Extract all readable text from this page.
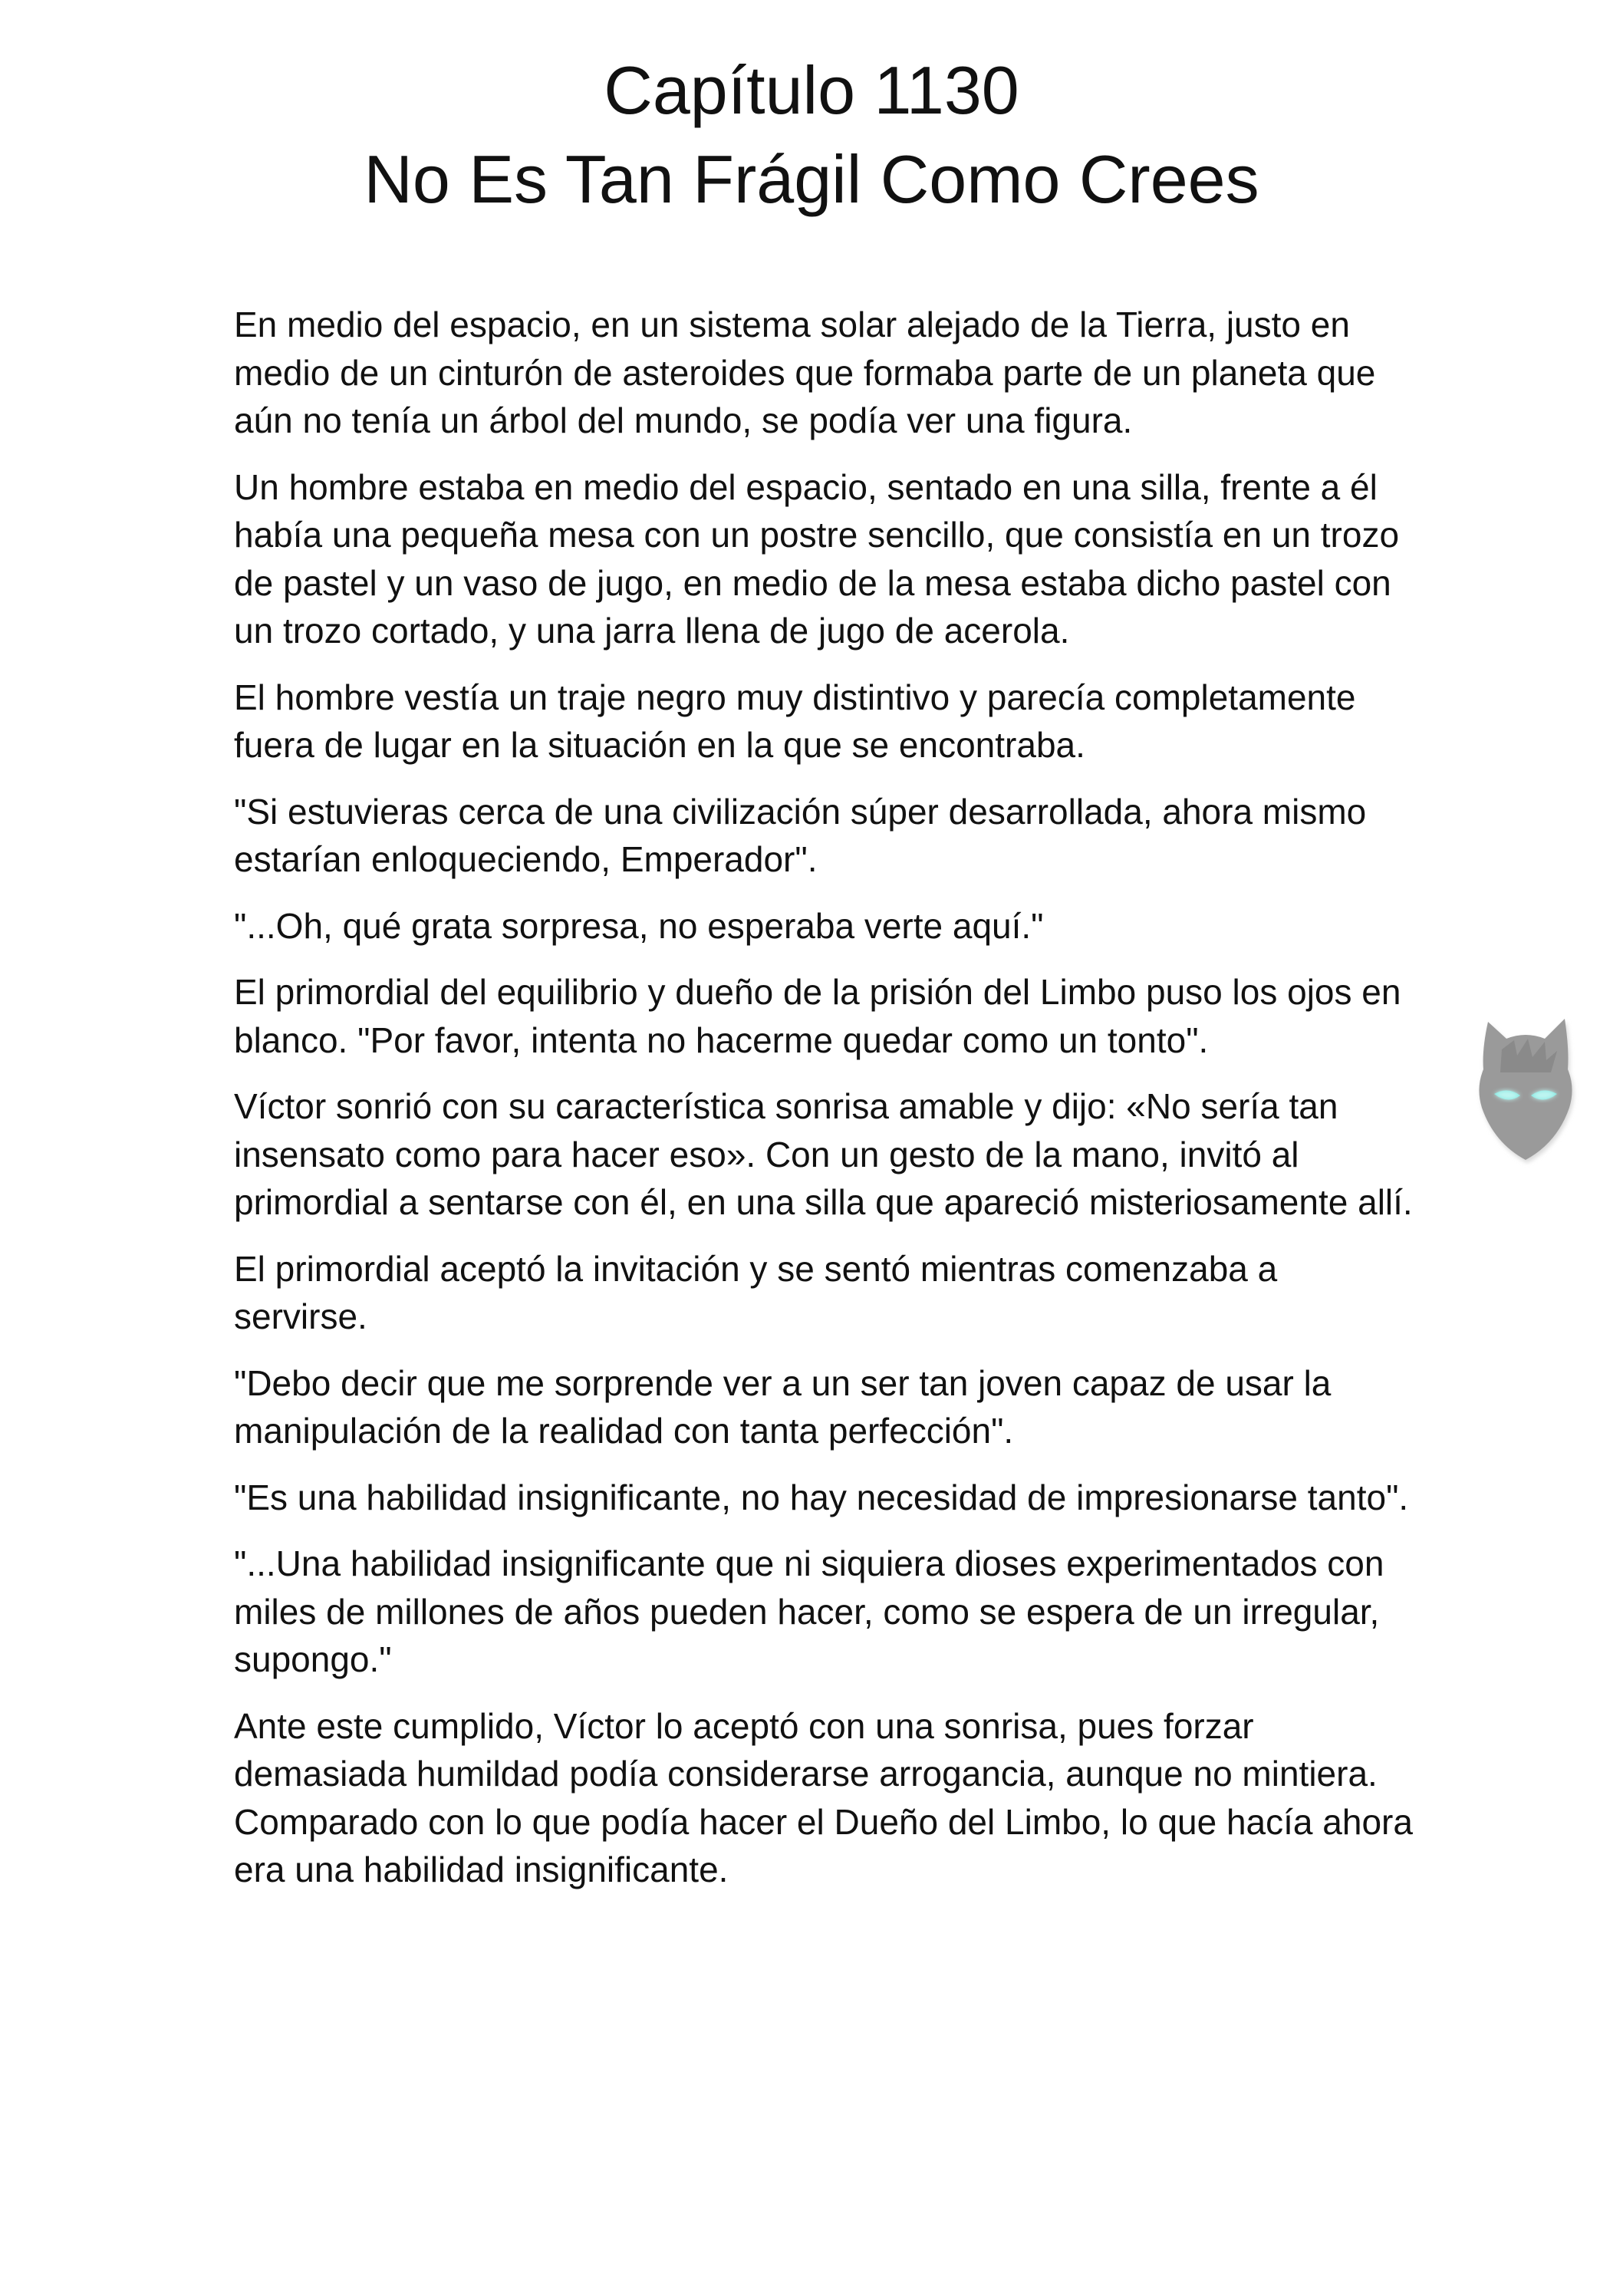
Capítulo 1130
No Es Tan Frágil Como Crees

En medio del espacio, en un sistema solar alejado de la Tierra, justo en medio de un cinturón de asteroides que formaba parte de un planeta que aún no tenía un árbol del mundo, se podía ver una figura.

Un hombre estaba en medio del espacio, sentado en una silla, frente a él había una pequeña mesa con un postre sencillo, que consistía en un trozo de pastel y un vaso de jugo, en medio de la mesa estaba dicho pastel con un trozo cortado, y una jarra llena de jugo de acerola.

El hombre vestía un traje negro muy distintivo y parecía completamente fuera de lugar en la situación en la que se encontraba.

"Si estuvieras cerca de una civilización súper desarrollada, ahora mismo estarían enloqueciendo, Emperador".

"...Oh, qué grata sorpresa, no esperaba verte aquí."

El primordial del equilibrio y dueño de la prisión del Limbo puso los ojos en blanco. "Por favor, intenta no hacerme quedar como un tonto".

Víctor sonrió con su característica sonrisa amable y dijo: «No sería tan insensato como para hacer eso». Con un gesto de la mano, invitó al primordial a sentarse con él, en una silla que apareció misteriosamente allí.

El primordial aceptó la invitación y se sentó mientras comenzaba a servirse.

"Debo decir que me sorprende ver a un ser tan joven capaz de usar la manipulación de la realidad con tanta perfección".

"Es una habilidad insignificante, no hay necesidad de impresionarse tanto".

"...Una habilidad insignificante que ni siquiera dioses experimentados con miles de millones de años pueden hacer, como se espera de un irregular, supongo."

Ante este cumplido, Víctor lo aceptó con una sonrisa, pues forzar demasiada humildad podía considerarse arrogancia, aunque no mintiera. Comparado con lo que podía hacer el Dueño del Limbo, lo que hacía ahora era una habilidad insignificante.
